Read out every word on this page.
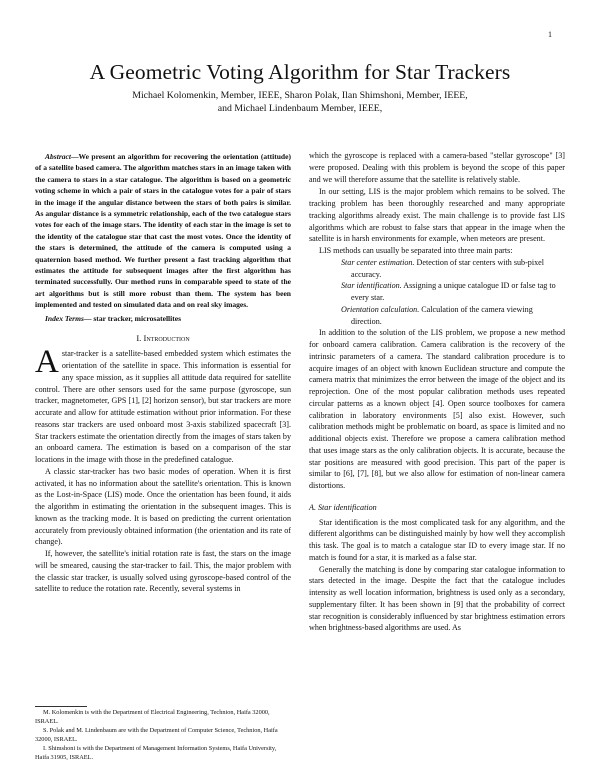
1
A Geometric Voting Algorithm for Star Trackers
Michael Kolomenkin, Member, IEEE, Sharon Polak, Ilan Shimshoni, Member, IEEE,
and Michael Lindenbaum Member, IEEE,

Abstract—We present an algorithm for recovering the orientation (attitude) of a satellite based camera. The algorithm matches stars in an image taken with the camera to stars in a star catalogue. The algorithm is based on a geometric voting scheme in which a pair of stars in the catalogue votes for a pair of stars in the image if the angular distance between the stars of both pairs is similar. As angular distance is a symmetric relationship, each of the two catalogue stars votes for each of the image stars. The identity of each star in the image is set to the identity of the catalogue star that cast the most votes. Once the identity of the stars is determined, the attitude of the camera is computed using a quaternion based method. We further present a fast tracking algorithm that estimates the attitude for subsequent images after the first algorithm has terminated successfully. Our method runs in comparable speed to state of the art algorithms but is still more robust than them. The system has been implemented and tested on simulated data and on real sky images.

Index Terms— star tracker, microsatellites

I. Introduction

Astar-tracker is a satellite-based embedded system which estimates the orientation of the satellite in space. This information is essential for any space mission, as it supplies all attitude data required for satellite control. There are other sensors used for the same purpose (gyroscope, sun tracker, magnetometer, GPS [1], [2] horizon sensor), but star trackers are more accurate and allow for attitude estimation without prior information. For these reasons star trackers are used onboard most 3-axis stabilized spacecraft [3]. Star trackers estimate the orientation directly from the images of stars taken by an onboard camera. The estimation is based on a comparison of the star locations in the image with those in the predefined catalogue.

A classic star-tracker has two basic modes of operation. When it is first activated, it has no information about the satellite's orientation. This is known as the Lost-in-Space (LIS) mode. Once the orientation has been found, it aids the algorithm in estimating the orientation in the subsequent images. This is known as the tracking mode. It is based on predicting the current orientation accurately from previously obtained information (the orientation and its rate of change).

If, however, the satellite's initial rotation rate is fast, the stars on the image will be smeared, causing the star-tracker to fail. This, the major problem with the classic star tracker, is usually solved using gyroscope-based control of the satellite to reduce the rotation rate. Recently, several systems in

M. Kolomenkin is with the Department of Electrical Engineering, Technion, Haifa 32000, ISRAEL.

S. Polak and M. Lindenbaum are with the Department of Computer Science, Technion, Haifa 32000, ISRAEL.

I. Shimshoni is with the Department of Management Information Systems, Haifa University, Haifa 31905, ISRAEL.

which the gyroscope is replaced with a camera-based "stellar gyroscope" [3] were proposed. Dealing with this problem is beyond the scope of this paper and we will therefore assume that the satellite is relatively stable.

In our setting, LIS is the major problem which remains to be solved. The tracking problem has been thoroughly researched and many appropriate tracking algorithms already exist. The main challenge is to provide fast LIS algorithms which are robust to false stars that appear in the image when the satellite is in harsh environments for example, when meteors are present.

LIS methods can usually be separated into three main parts:

Star center estimation. Detection of star centers with sub-pixel accuracy.
Star identification. Assigning a unique catalogue ID or false tag to every star.
Orientation calculation. Calculation of the camera viewing direction.

In addition to the solution of the LIS problem, we propose a new method for onboard camera calibration. Camera calibration is the recovery of the intrinsic parameters of a camera. The standard calibration procedure is to acquire images of an object with known Euclidean structure and compute the camera matrix that minimizes the error between the image of the object and its reprojection. One of the most popular calibration methods uses repeated circular patterns as a known object [4]. Open source toolboxes for camera calibration in laboratory environments [5] also exist. However, such calibration methods might be problematic on board, as space is limited and no additional objects exist. Therefore we propose a camera calibration method that uses image stars as the only calibration objects. It is accurate, because the star positions are measured with good precision. This part of the paper is similar to [6], [7], [8], but we also allow for estimation of non-linear camera distortions.

A. Star identification

Star identification is the most complicated task for any algorithm, and the different algorithms can be distinguished mainly by how well they accomplish this task. The goal is to match a catalogue star ID to every image star. If no match is found for a star, it is marked as a false star.

Generally the matching is done by comparing star catalogue information to stars detected in the image. Despite the fact that the catalogue includes intensity as well location information, brightness is used only as a secondary, supplementary filter. It has been shown in [9] that the probability of correct star recognition is considerably influenced by star brightness estimation errors when brightness-based algorithms are used. As
